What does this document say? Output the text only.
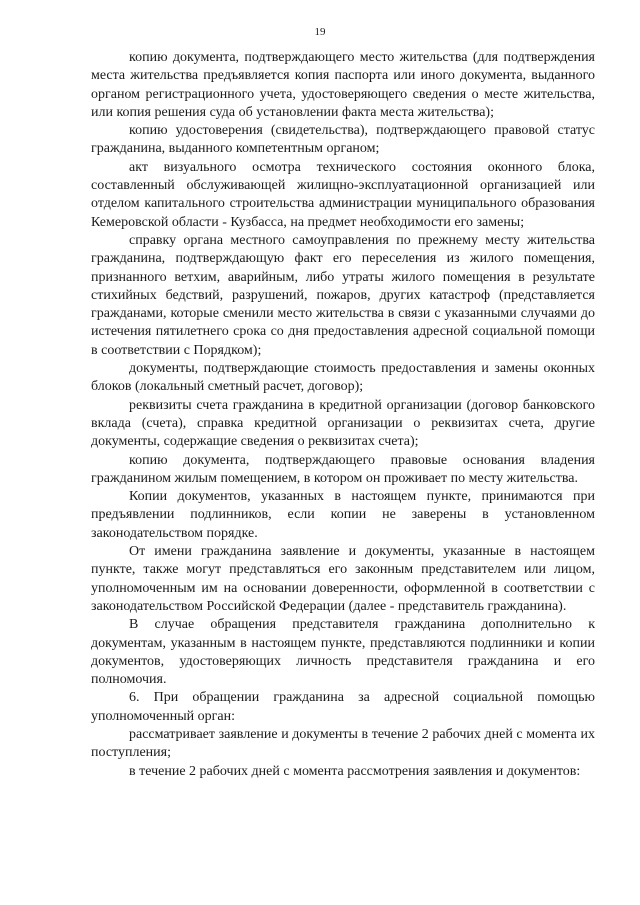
19

копию документа, подтверждающего место жительства (для подтверждения места жительства предъявляется копия паспорта или иного документа, выданного органом регистрационного учета, удостоверяющего сведения о месте жительства, или копия решения суда об установлении факта места жительства);

копию удостоверения (свидетельства), подтверждающего правовой статус гражданина, выданного компетентным органом;

акт визуального осмотра технического состояния оконного блока, составленный обслуживающей жилищно-эксплуатационной организацией или отделом капитального строительства администрации муниципального образования Кемеровской области - Кузбасса, на предмет необходимости его замены;

справку органа местного самоуправления по прежнему месту жительства гражданина, подтверждающую факт его переселения из жилого помещения, признанного ветхим, аварийным, либо утраты жилого помещения в результате стихийных бедствий, разрушений, пожаров, других катастроф (представляется гражданами, которые сменили место жительства в связи с указанными случаями до истечения пятилетнего срока со дня предоставления адресной социальной помощи в соответствии с Порядком);

документы, подтверждающие стоимость предоставления и замены оконных блоков (локальный сметный расчет, договор);

реквизиты счета гражданина в кредитной организации (договор банковского вклада (счета), справка кредитной организации о реквизитах счета, другие документы, содержащие сведения о реквизитах счета);

копию документа, подтверждающего правовые основания владения гражданином жилым помещением, в котором он проживает по месту жительства.

Копии документов, указанных в настоящем пункте, принимаются при предъявлении подлинников, если копии не заверены в установленном законодательством порядке.

От имени гражданина заявление и документы, указанные в настоящем пункте, также могут представляться его законным представителем или лицом, уполномоченным им на основании доверенности, оформленной в соответствии с законодательством Российской Федерации (далее - представитель гражданина).

В случае обращения представителя гражданина дополнительно к документам, указанным в настоящем пункте, представляются подлинники и копии документов, удостоверяющих личность представителя гражданина и его полномочия.

6. При обращении гражданина за адресной социальной помощью уполномоченный орган:

рассматривает заявление и документы в течение 2 рабочих дней с момента их поступления;

в течение 2 рабочих дней с момента рассмотрения заявления и документов:
